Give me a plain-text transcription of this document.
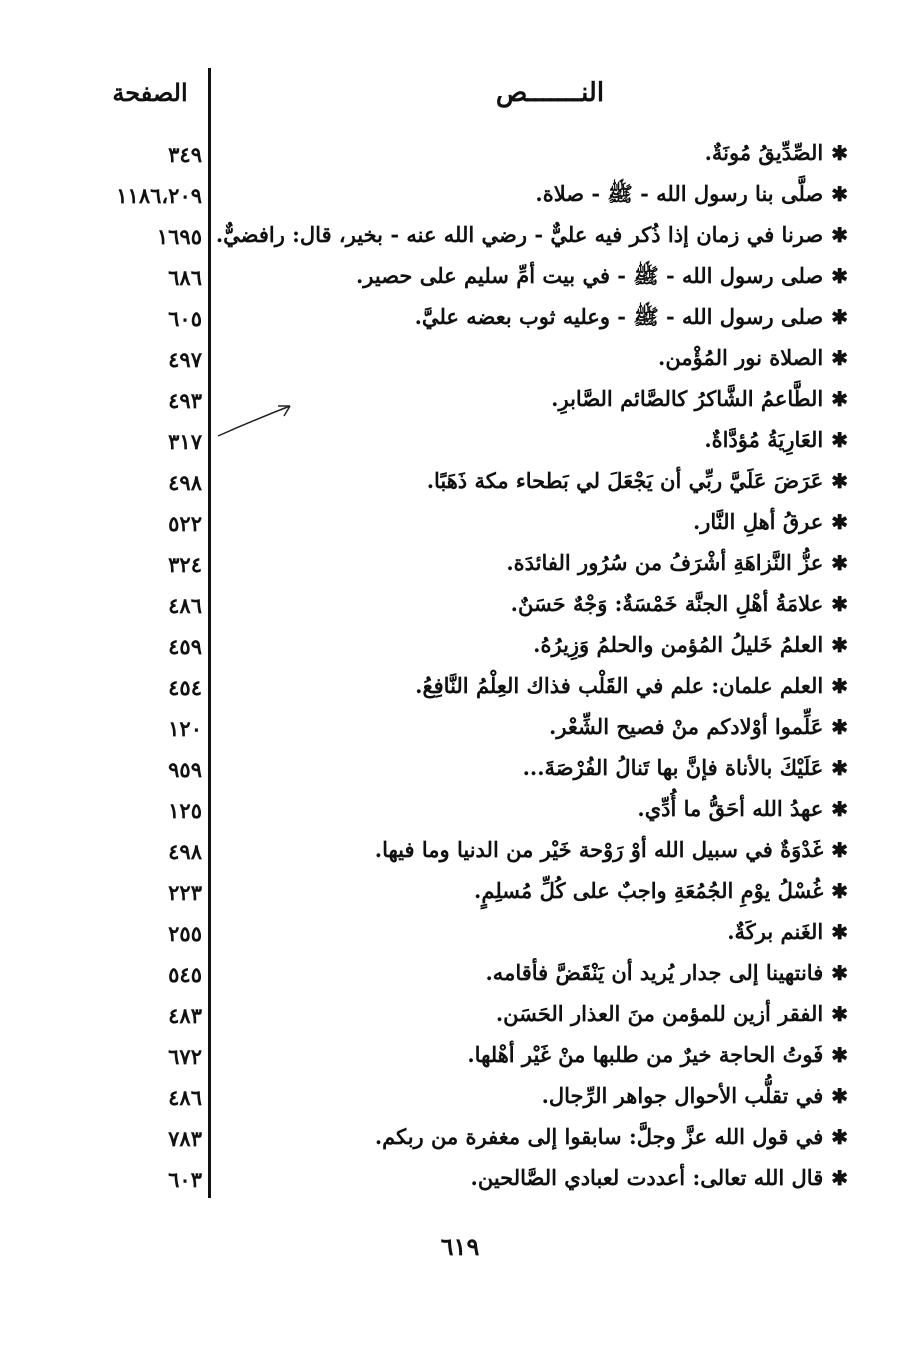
النـــــــص
الصفحة
✱الصِّدِّيقُ مُونَةٌ.
٣٤٩
✱صلَّى بنا رسول الله - ﷺ - صلاة.
١١٨٦،٢٠٩
✱صرنا في زمان إذا ذُكر فيه عليٌّ - رضي الله عنه - بخير، قال: رافضيٌّ.
١٦٩٥
✱صلى رسول الله - ﷺ - في بيت أمِّ سليم على حصير.
٦٨٦
✱صلى رسول الله - ﷺ - وعليه ثوب بعضه عليَّ.
٦٠٥
✱الصلاة نور المُؤْمن.
٤٩٧
✱الطَّاعمُ الشَّاكرُ كالصَّائم الصَّابرِ.
٤٩٣
✱العَارِيَةُ مُؤدَّاةٌ.
٣١٧
✱عَرَضَ عَلَيَّ ربِّي أن يَجْعَلَ لي بَطحاء مكة ذَهَبًا.
٤٩٨
✱عرقُ أهلِ النَّار.
٥٢٢
✱عزُّ النَّزاهَةِ أشْرَفُ من سُرُور الفائدَة.
٣٢٤
✱علامَةُ أهْلِ الجنَّة خَمْسَةٌ: وَجْهٌ حَسَنٌ.
٤٨٦
✱العلمُ خَليلُ المُؤمن والحلمُ وَزِيرُهُ.
٤٥٩
✱العلم علمان: علم في القَلْب فذاك العِلْمُ النَّافِعُ.
٤٥٤
✱عَلِّموا أوْلادكم منْ فصيح الشِّعْر.
١٢٠
✱عَلَيْكَ بالأناة فإنَّ بها تَنالُ الفُرْصَةَ...
٩٥٩
✱عهدُ الله أحَقُّ ما أُدِّي.
١٢٥
✱غَدْوَةٌ في سبيل الله أوْ رَوْحة خَيْر من الدنيا وما فيها.
٤٩٨
✱غُسْلُ يوْمِ الجُمُعَةِ واجبٌ على كُلِّ مُسلِمٍ.
٢٢٣
✱الغَنم بركَةٌ.
٢٥٥
✱فانتهينا إلى جدار يُريد أن يَنْقَضَّ فأقامه.
٥٤٥
✱الفقر أزين للمؤمن منَ العذار الحَسَن.
٤٨٣
✱فَوتُ الحاجة خيرٌ من طلبها منْ غَيْر أهْلها.
٦٧٢
✱في تقلُّب الأحوال جواهر الرِّجال.
٤٨٦
✱في قول الله عزَّ وجلَّ: سابقوا إلى مغفرة من ربكم.
٧٨٣
✱قال الله تعالى: أعددت لعبادي الصَّالحين.
٦٠٣
٦١٩
